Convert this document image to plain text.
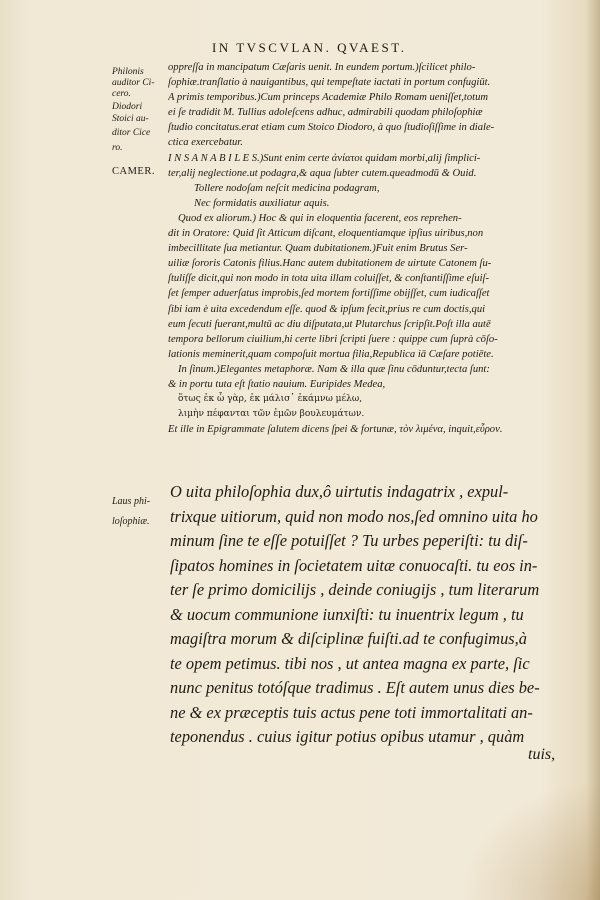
IN TVSCVLAN. QVAEST.
Philonis
auditor Ci-
cero.
Diodori
Stoici au-
ditor Cice
ro.
CAMER.
oppreſſa in mancipatum Cæſaris uenit. In eundem portum.)ſcilicet philo-
ſophiæ.tranſlatio à nauigantibus, qui tempeſtate iactati in portum confugiūt.
A primis temporibus.)Cum princeps Academiæ Philo Romam ueniſſet,totum
ei ſe tradidit M. Tullius adoleſcens adhuc, admirabili quodam philoſophiæ
ſtudio concitatus.erat etiam cum Stoico Diodoro, à quo ſtudioſiſſime in diale-
ctica exercebatur.
I N S A N A B I L E S.)Sunt enim certe ἀνίατοι quidam morbi,alij ſimplici-
ter,alij neglectione.ut podagra,& aqua ſubter cutem.queadmodū & Ouid.
Tollere nodoſam neſcit medicina podagram,
Nec formidatis auxiliatur aquis.
Quod ex aliorum.) Hoc & qui in eloquentia facerent, eos reprehen-
dit in Oratore: Quid ſit Atticum diſcant, eloquentiamque ipſius uiribus,non
imbecillitate ſua metiantur. Quam dubitationem.)Fuit enim Brutus Ser-
uiliæ ſororis Catonis filius.Hanc autem dubitationem de uirtute Catonem ſu-
ſtuliſſe dicit,qui non modo in tota uita illam coluiſſet, & conſtantiſſime eſuiſ-
ſet ſemper aduerſatus improbis,ſed mortem fortiſſime obijſſet, cum iudicaſſet
ſibi iam è uita excedendum eſſe. quod & ipſum fecit,prius re cum doctis,qui
eum ſecuti fuerant,multū ac diu diſputata,ut Plutarchus ſcripſit.Poſt illa autē
tempora bellorum ciuilium,hi certe libri ſcripti ſuere : quippe cum ſuprà cōſo-
lationis meminerit,quam compoſuit mortua filia,Republica iā Cæſare potiēte.
In ſinum.)Elegantes metaphoræ. Nam & illa quæ ſinu cōduntur,tecta ſunt:
& in portu tuta eſt ſtatio nauium. Euripides Medea,
ὅτως ἐκ ὦ γὰρ, ἐκ μάλισ᾽ ἐκάμνω μέλω,
λιμὴν πέφανται τῶν ἐμῶν βουλευμάτων.
Et ille in Epigrammate ſalutem dicens ſpei & fortunæ, τὸν λιμένα, inquit,εὗρον.
Laus phi-
loſophiæ.
O uita philoſophia dux,ô uirtutis indagatrix , expul-
trixque uitiorum, quid non modo nos,ſed omnino uita ho
minum ſine te eſſe potuiſſet ? Tu urbes peperiſti: tu diſ-
ſipatos homines in ſocietatem uitæ conuocaſti. tu eos in-
ter ſe primo domicilijs , deinde coniugijs , tum literarum
& uocum communione iunxiſti: tu inuentrix legum , tu
magiſtra morum & diſciplinæ fuiſti.ad te confugimus,à
te opem petimus. tibi nos , ut antea magna ex parte, ſic
nunc penitus totóſque tradimus . Eſt autem unus dies be-
ne & ex præceptis tuis actus pene toti immortalitati an-
teponendus . cuius igitur potius opibus utamur , quàm
tuis,
